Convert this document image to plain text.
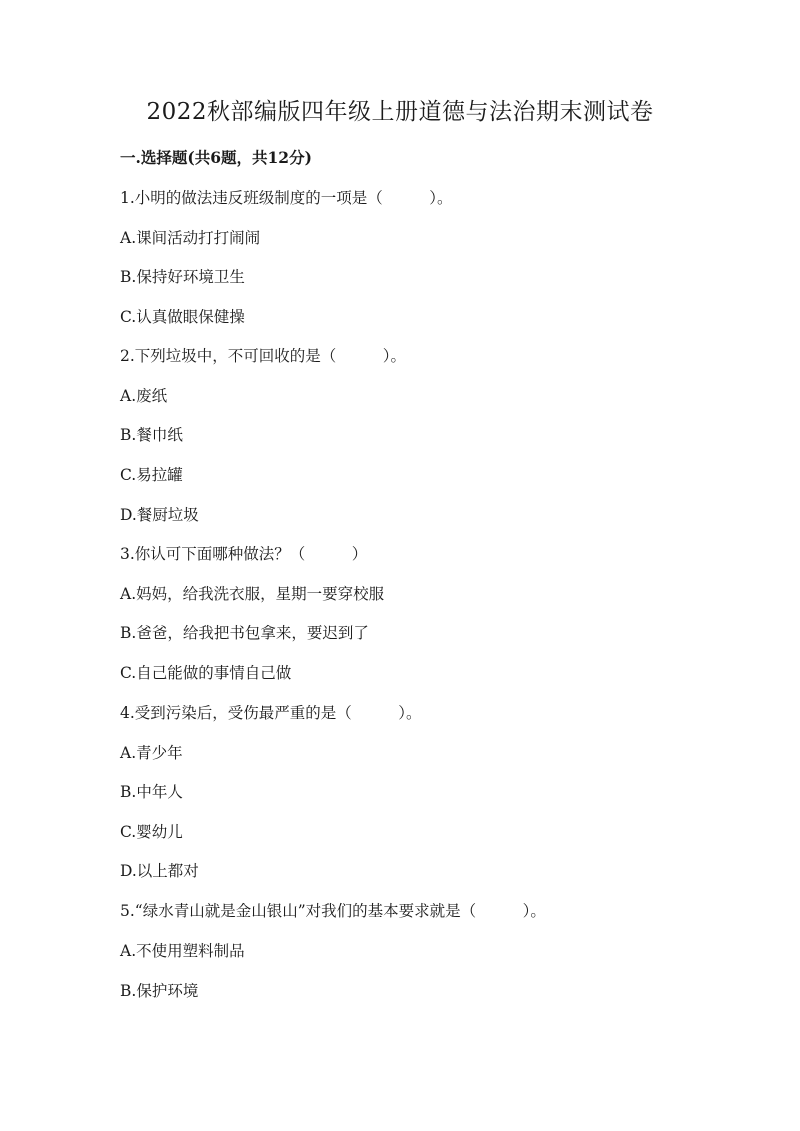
2022秋部编版四年级上册道德与法治期末测试卷
一.选择题(共6题，共12分)
1.小明的做法违反班级制度的一项是（　　　）。
A.课间活动打打闹闹
B.保持好环境卫生
C.认真做眼保健操
2.下列垃圾中，不可回收的是（　　　）。
A.废纸
B.餐巾纸
C.易拉罐
D.餐厨垃圾
3.你认可下面哪种做法？（　　　）
A.妈妈，给我洗衣服，星期一要穿校服
B.爸爸，给我把书包拿来，要迟到了
C.自己能做的事情自己做
4.受到污染后，受伤最严重的是（　　　）。
A.青少年
B.中年人
C.婴幼儿
D.以上都对
5.“绿水青山就是金山银山”对我们的基本要求就是（　　　）。
A.不使用塑料制品
B.保护环境
